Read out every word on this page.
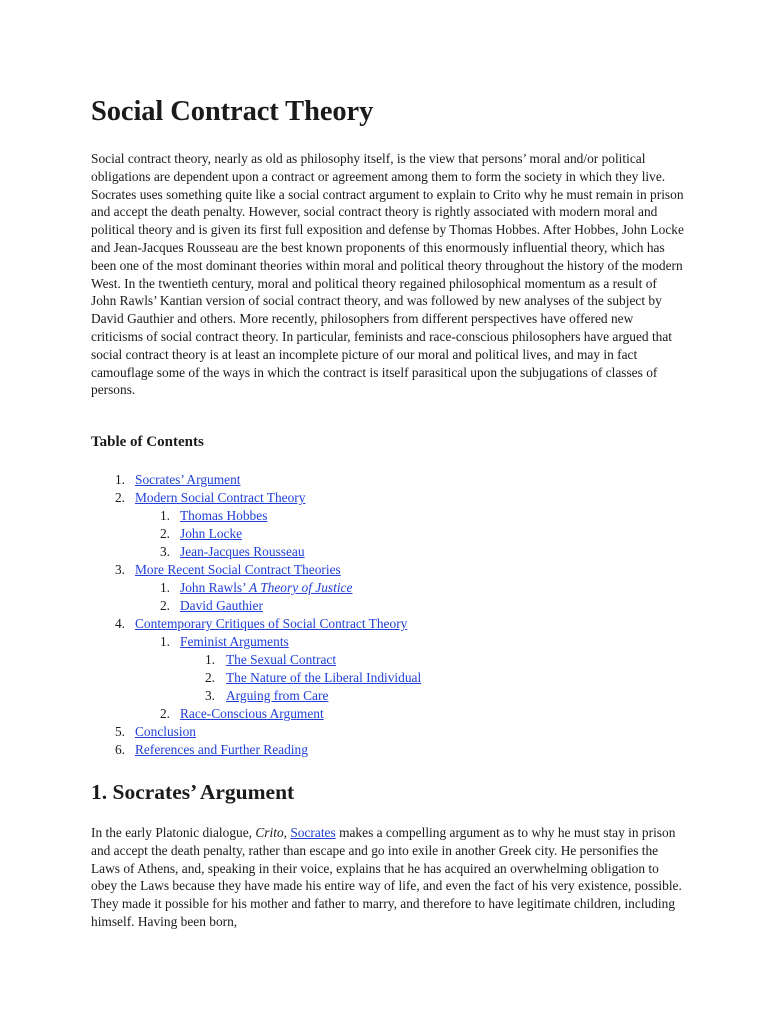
Social Contract Theory

Social contract theory, nearly as old as philosophy itself, is the view that persons’ moral and/or political obligations are dependent upon a contract or agreement among them to form the society in which they live. Socrates uses something quite like a social contract argument to explain to Crito why he must remain in prison and accept the death penalty. However, social contract theory is rightly associated with modern moral and political theory and is given its first full exposition and defense by Thomas Hobbes. After Hobbes, John Locke and Jean-Jacques Rousseau are the best known proponents of this enormously influential theory, which has been one of the most dominant theories within moral and political theory throughout the history of the modern West. In the twentieth century, moral and political theory regained philosophical momentum as a result of John Rawls’ Kantian version of social contract theory, and was followed by new analyses of the subject by David Gauthier and others. More recently, philosophers from different perspectives have offered new criticisms of social contract theory. In particular, feminists and race-conscious philosophers have argued that social contract theory is at least an incomplete picture of our moral and political lives, and may in fact camouflage some of the ways in which the contract is itself parasitical upon the subjugations of classes of persons.

Table of Contents
1. Socrates’ Argument
2. Modern Social Contract Theory
1. Thomas Hobbes
2. John Locke
3. Jean-Jacques Rousseau
3. More Recent Social Contract Theories
1. John Rawls’ A Theory of Justice
2. David Gauthier
4. Contemporary Critiques of Social Contract Theory
1. Feminist Arguments
1. The Sexual Contract
2. The Nature of the Liberal Individual
3. Arguing from Care
2. Race-Conscious Argument
5. Conclusion
6. References and Further Reading
1. Socrates’ Argument

In the early Platonic dialogue, Crito, Socrates makes a compelling argument as to why he must stay in prison and accept the death penalty, rather than escape and go into exile in another Greek city. He personifies the Laws of Athens, and, speaking in their voice, explains that he has acquired an overwhelming obligation to obey the Laws because they have made his entire way of life, and even the fact of his very existence, possible. They made it possible for his mother and father to marry, and therefore to have legitimate children, including himself. Having been born,
